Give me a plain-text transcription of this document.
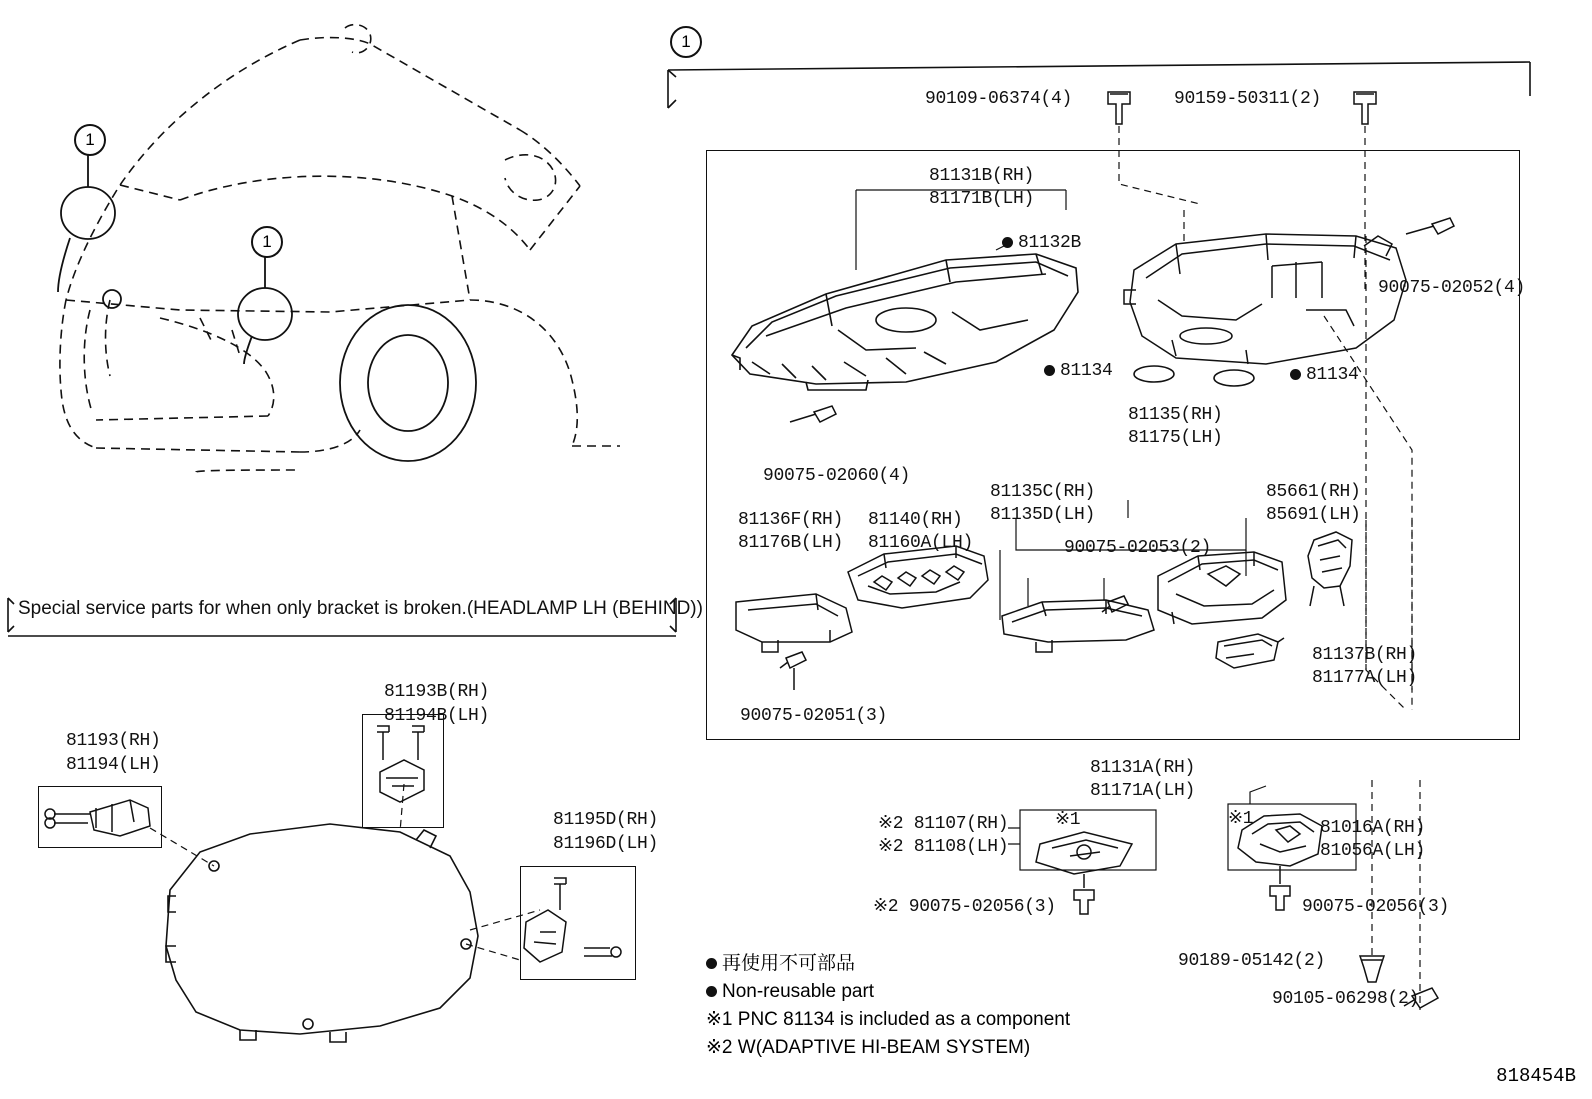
1
1
Special service parts for when only bracket is broken.(HEADLAMP LH (BEHIND))
81193(RH)
81194(LH)
81193B(RH)
81194B(LH)
81195D(RH)
81196D(LH)
1
90109-06374(4)	90159-50311(2)
81131B(RH)
81171B(LH)
81132B
90075-02052(4)
81134	81134
90075-02060(4)
81135(RH)
81175(LH)
81135C(RH)
81135D(LH)
85661(RH)
85691(LH)
81136F(RH)
81176B(LH)
81140(RH)
81160A(LH)	90075-02053(2)
81137B(RH)
81177A(LH)
90075-02051(3)
81131A(RH)
81171A(LH)
※2 81107(RH)
※2 81108(LH)
※1
※2 90075-02056(3)
※1	81016A(RH)
81056A(LH)
90075-02056(3)
90189-05142(2)
90105-06298(2)
再使用不可部品
Non-reusable part
※1 PNC 81134 is included as a component
※2 W(ADAPTIVE HI-BEAM SYSTEM)
818454B
